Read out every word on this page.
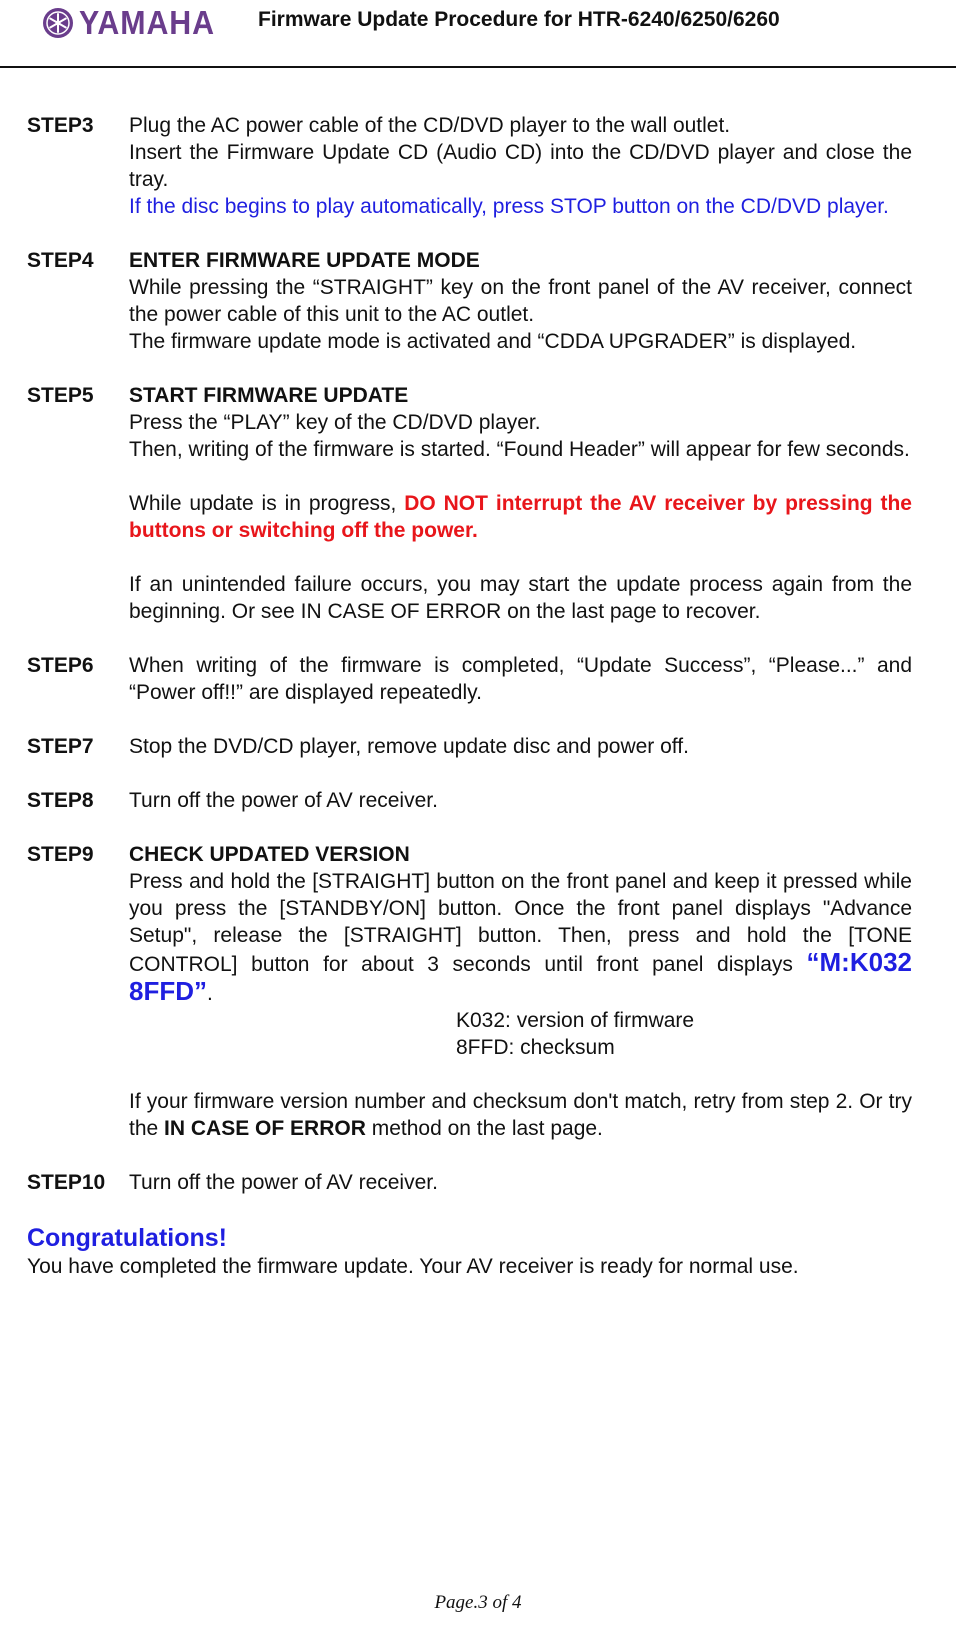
YAMAHA Firmware Update Procedure for HTR-6240/6250/6260
STEP3	Plug the AC power cable of the CD/DVD player to the wall outlet.

Insert the Firmware Update CD (Audio CD) into the CD/DVD player and close the tray.

If the disc begins to play automatically, press STOP button on the CD/DVD player.

STEP4	ENTER FIRMWARE UPDATE MODE

While pressing the “STRAIGHT” key on the front panel of the AV receiver, connect the power cable of this unit to the AC outlet.

The firmware update mode is activated and “CDDA UPGRADER” is displayed.

STEP5	START FIRMWARE UPDATE

Press the “PLAY” key of the CD/DVD player.

Then, writing of the firmware is started. “Found Header” will appear for few seconds.

While update is in progress, DO NOT interrupt the AV receiver by pressing the buttons or switching off the power.

If an unintended failure occurs, you may start the update process again from the beginning. Or see IN CASE OF ERROR on the last page to recover.

STEP6	When writing of the firmware is completed, “Update Success”, “Please...” and “Power off!!” are displayed repeatedly.

STEP7	Stop the DVD/CD player, remove update disc and power off.

STEP8	Turn off the power of AV receiver.

STEP9	CHECK UPDATED VERSION

Press and hold the [STRAIGHT] button on the front panel and keep it pressed while you press the [STANDBY/ON] button. Once the front panel displays "Advance Setup", release the [STRAIGHT] button. Then, press and hold the [TONE CONTROL] button for about 3 seconds until front panel displays “M:K032　8FFD”.

K032: version of firmware

8FFD: checksum

If your firmware version number and checksum don't match, retry from step 2. Or try the IN CASE OF ERROR method on the last page.

STEP10	Turn off the power of AV receiver.

Congratulations!

You have completed the firmware update. Your AV receiver is ready for normal use.

Page.3 of 4
